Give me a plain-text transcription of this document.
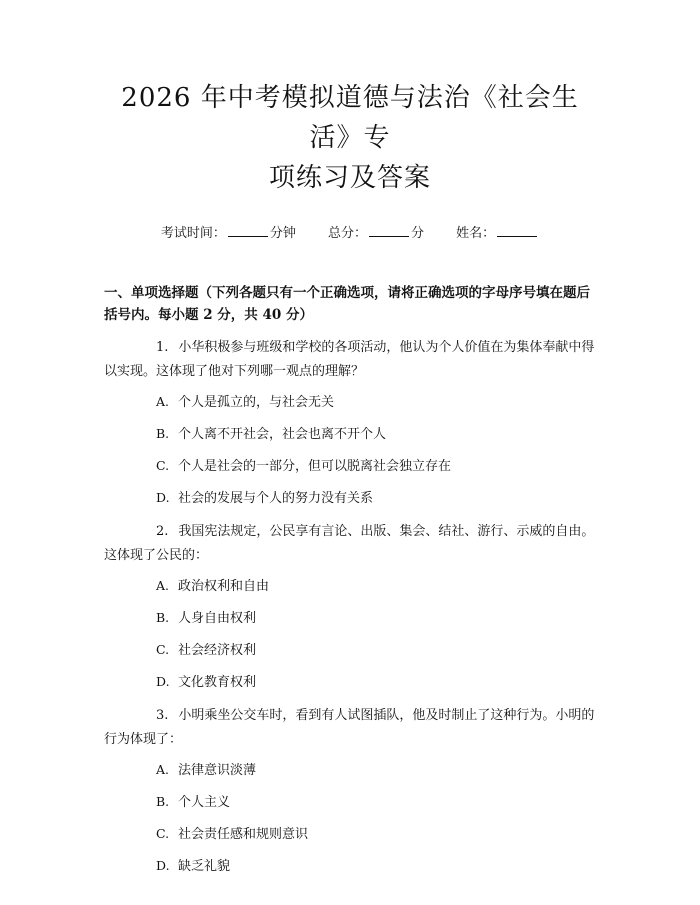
2026 年中考模拟道德与法治《社会生活》专
项练习及答案
考试时间：	分钟 总分：	分 姓名：
一、单项选择题（下列各题只有一个正确选项，请将正确选项的字母序号填在题后括号内。每小题 2 分，共 40 分）

1. 小华积极参与班级和学校的各项活动，他认为个人价值在为集体奉献中得以实现。这体现了他对下列哪一观点的理解？

A. 个人是孤立的，与社会无关
B. 个人离不开社会，社会也离不开个人
C. 个人是社会的一部分，但可以脱离社会独立存在
D. 社会的发展与个人的努力没有关系

2. 我国宪法规定，公民享有言论、出版、集会、结社、游行、示威的自由。这体现了公民的：

A. 政治权利和自由
B. 人身自由权利
C. 社会经济权利
D. 文化教育权利

3. 小明乘坐公交车时，看到有人试图插队，他及时制止了这种行为。小明的行为体现了：

A. 法律意识淡薄
B. 个人主义
C. 社会责任感和规则意识
D. 缺乏礼貌
